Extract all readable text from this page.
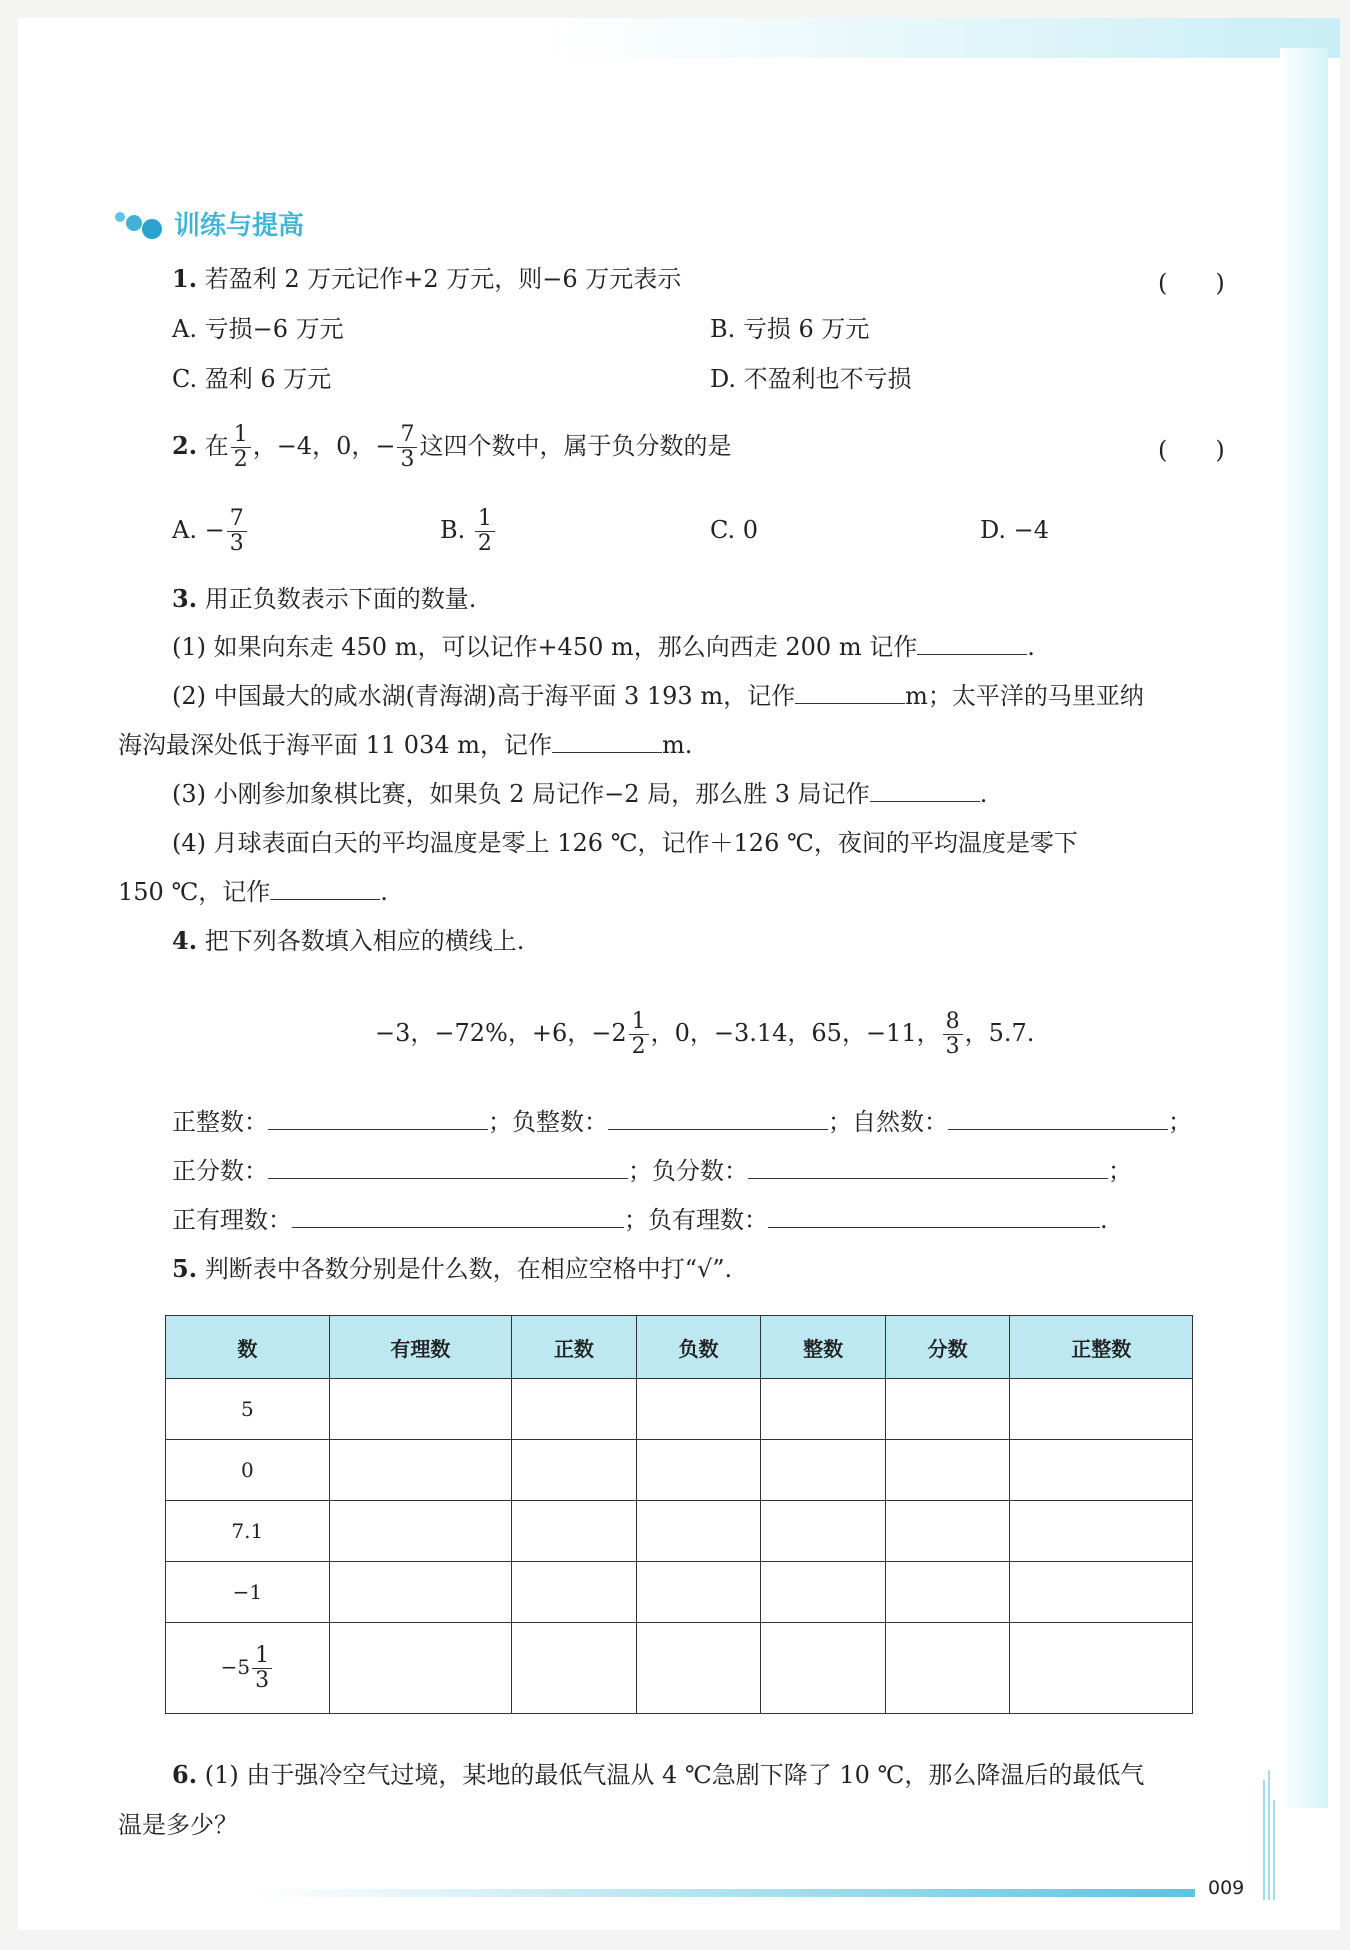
训练与提高
1. 若盈利 2 万元记作+2 万元，则−6 万元表示	(　　)
A. 亏损−6 万元	B. 亏损 6 万元
C. 盈利 6 万元	D. 不盈利也不亏损
2. 在 $\frac{1}{2}$ ，−4，0，− $\frac{7}{3}$ 这四个数中，属于负分数的是	(　　)
A. − $\frac{7}{3}$	B. $\frac{1}{2}$	C. 0	D. −4
3. 用正负数表示下面的数量.
(1) 如果向东走 450 m，可以记作+450 m，那么向西走 200 m 记作	.
(2) 中国最大的咸水湖(青海湖)高于海平面 3 193 m，记作	m；太平洋的马里亚纳
海沟最深处低于海平面 11 034 m，记作	m.
(3) 小刚参加象棋比赛，如果负 2 局记作−2 局，那么胜 3 局记作	.
(4) 月球表面白天的平均温度是零上 126 ℃，记作＋126 ℃，夜间的平均温度是零下
150 ℃，记作	.
4. 把下列各数填入相应的横线上.
−3，−72%，+6，$-2 \frac{1}{2}$ ，0，−3.14，65，−11， $\frac{8}{3}$ ，5.7.
正整数：	；负整数：	；自然数：	；
正分数：	；负分数：	；
正有理数：	；负有理数：	.
5. 判断表中各数分别是什么数，在相应空格中打“√”.
数	有理数	正数	负数	整数	分数	正整数
5						
0						
7.1						
−1						
$-5 \frac{1}{3}$

6. (1) 由于强冷空气过境，某地的最低气温从 4 ℃急剧下降了 10 ℃，那么降温后的最低气
温是多少？
009
